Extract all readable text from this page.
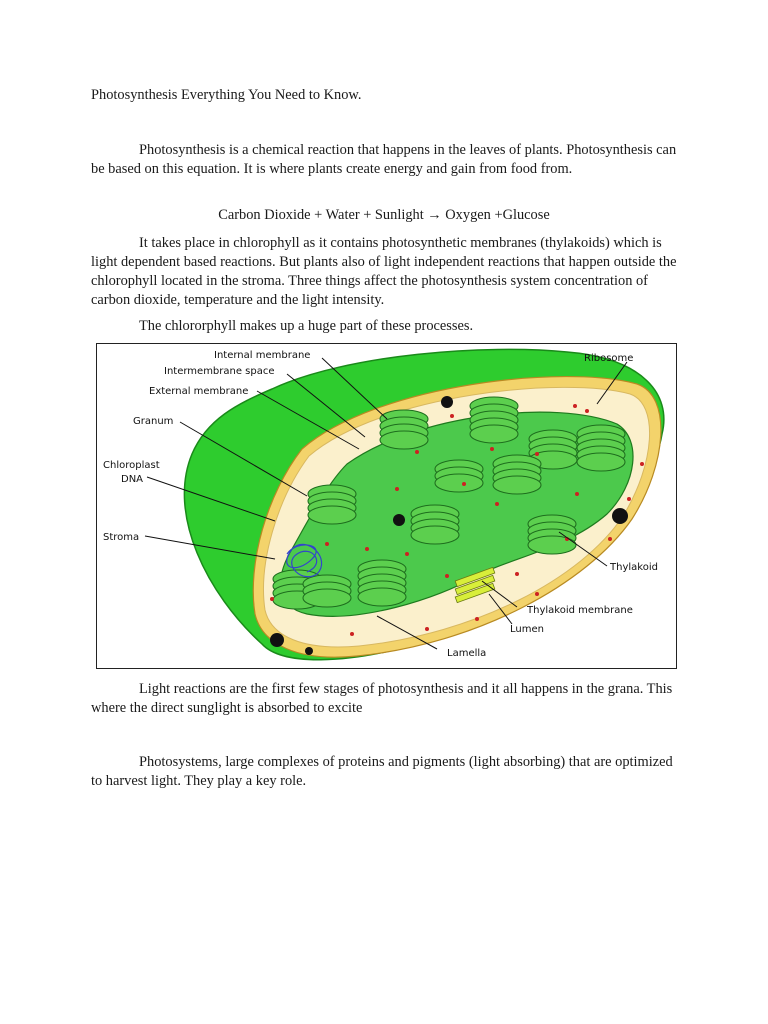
Photosynthesis Everything You Need to Know.

Photosynthesis is a chemical reaction that happens in the leaves of plants. Photosynthesis can be based on this equation. It is where plants create energy and gain from food from.

Carbon Dioxide + Water + Sunlight → Oxygen +Glucose

It takes place in chlorophyll as it contains photosynthetic membranes (thylakoids) which is light dependent based reactions. But plants also of light independent reactions that happen outside the chlorophyll located in the stroma. Three things affect the photosynthesis system concentration of carbon dioxide, temperature and the light intensity.

The chlororphyll makes up a huge part of these processes.

Internal membrane
Intermembrane space
External membrane
Granum
Chloroplast
DNA
Stroma
Ribosome
Thylakoid
Thylakoid membrane
Lumen
Lamella

Light reactions are the first few stages of photosynthesis and it all happens in the grana. This where the direct sunglight is absorbed to excite

Photosystems, large complexes of proteins and pigments (light absorbing) that are optimized to harvest light. They play a key role.
